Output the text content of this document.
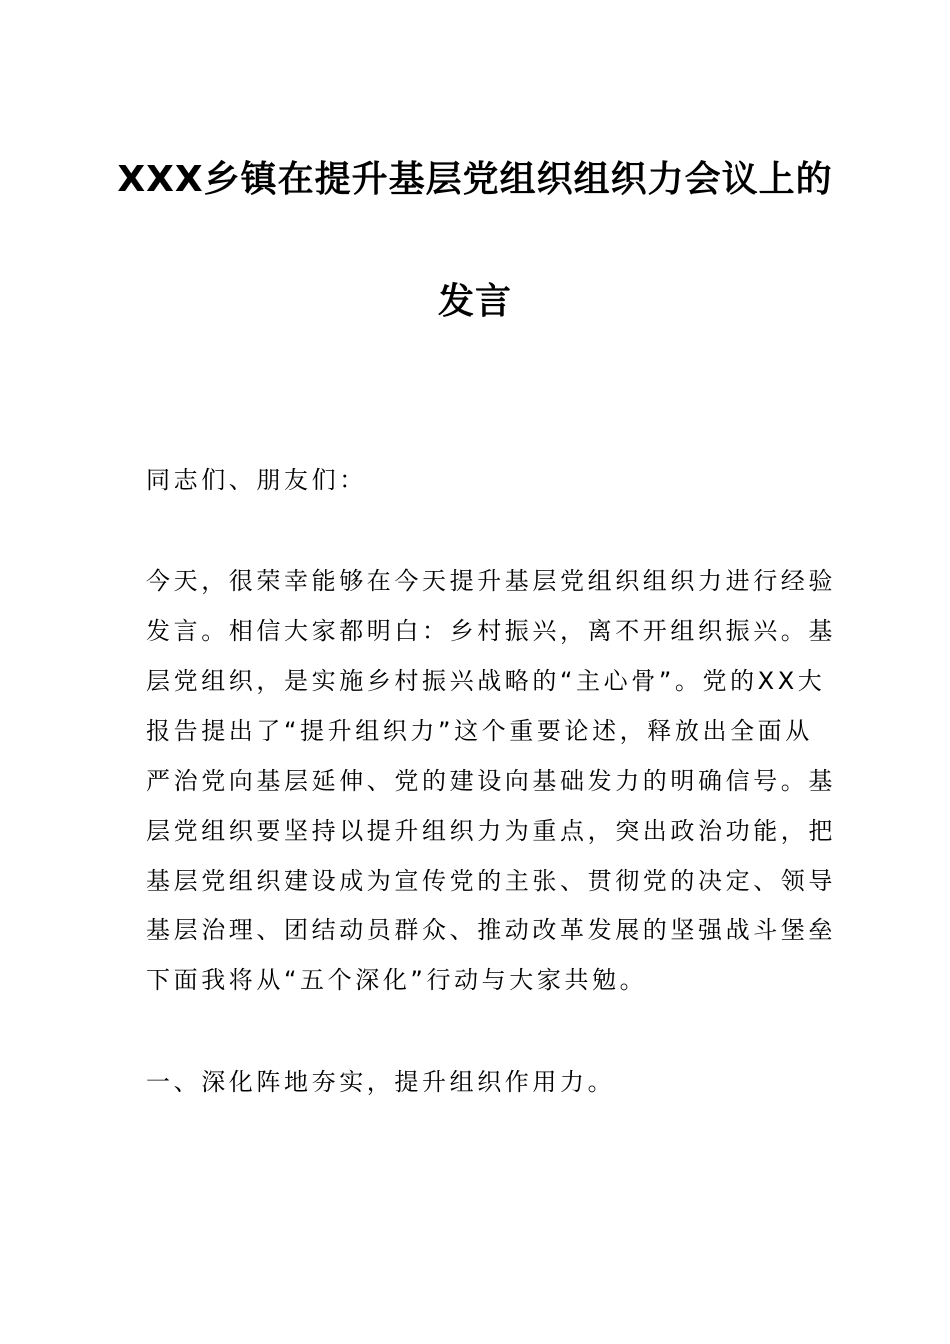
XXX乡镇在提升基层党组织组织力会议上的
发言
同志们、朋友们：
今天，很荣幸能够在今天提升基层党组织组织力进行经验
发言。相信大家都明白：乡村振兴，离不开组织振兴。基
层党组织，是实施乡村振兴战略的“主心骨”。党的XX大
报告提出了“提升组织力”这个重要论述，释放出全面从
严治党向基层延伸、党的建设向基础发力的明确信号。基
层党组织要坚持以提升组织力为重点，突出政治功能，把
基层党组织建设成为宣传党的主张、贯彻党的决定、领导
基层治理、团结动员群众、推动改革发展的坚强战斗堡垒
下面我将从“五个深化”行动与大家共勉。
一、深化阵地夯实，提升组织作用力。
